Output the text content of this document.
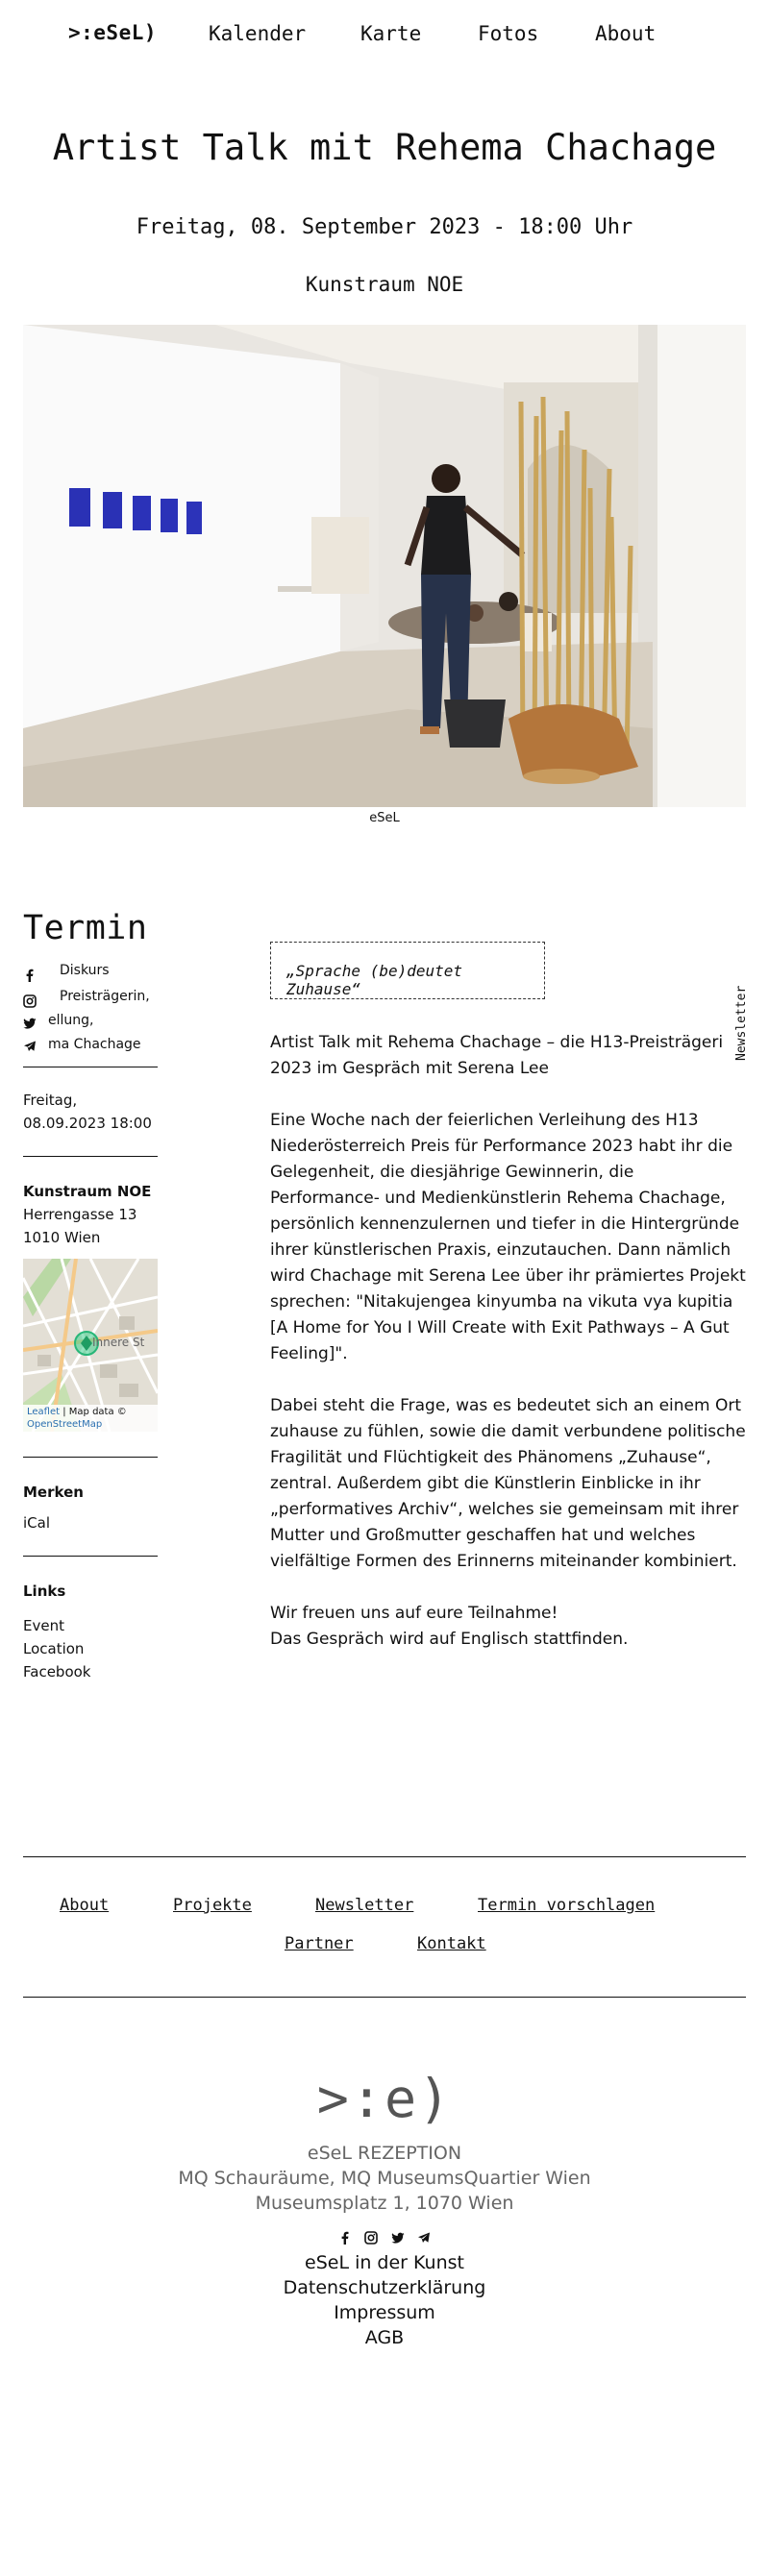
>:eSeL)	Kalender	Karte	Fotos	About
Artist Talk mit Rehema Chachage
Freitag, 08. September 2023 - 18:00 Uhr
Kunstraum NOE
eSeL
Termin
Diskurs
Preisträgerin,
ellung,
ma Chachage
Freitag,
08.09.2023 18:00
Kunstraum NOE
Herrengasse 13
1010 Wien
Innere St
Leaflet | Map data ©
OpenStreetMap
Merken
iCal
Links
Event
Location
Facebook
„Sprache (be)deutet Zuhause“	Newsletter

Artist Talk mit Rehema Chachage – die H13-Preisträgeri 2023 im Gespräch mit Serena Lee

Eine Woche nach der feierlichen Verleihung des H13 Niederösterreich Preis für Performance 2023 habt ihr die Gelegenheit, die diesjährige Gewinnerin, die Performance- und Medienkünstlerin Rehema Chachage, persönlich kennenzulernen und tiefer in die Hintergründe ihrer künstlerischen Praxis, einzutauchen. Dann nämlich wird Chachage mit Serena Lee über ihr prämiertes Projekt sprechen: "Nitakujengea kinyumba na vikuta vya kupitia [A Home for You I Will Create with Exit Pathways – A Gut Feeling]".

Dabei steht die Frage, was es bedeutet sich an einem Ort zuhause zu fühlen, sowie die damit verbundene politische Fragilität und Flüchtigkeit des Phänomens „Zuhause“, zentral. Außerdem gibt die Künstlerin Einblicke in ihr „performatives Archiv“, welches sie gemeinsam mit ihrer Mutter und Großmutter geschaffen hat und welches vielfältige Formen des Erinnerns miteinander kombiniert.

Wir freuen uns auf eure Teilnahme!
Das Gespräch wird auf Englisch stattfinden.

About	Projekte	Newsletter	Termin vorschlagen
Partner	Kontakt
>:e)
eSeL REZEPTION
MQ Schauräume, MQ MuseumsQuartier Wien
Museumsplatz 1, 1070 Wien

eSeL in der Kunst
Datenschutzerklärung
Impressum
AGB
